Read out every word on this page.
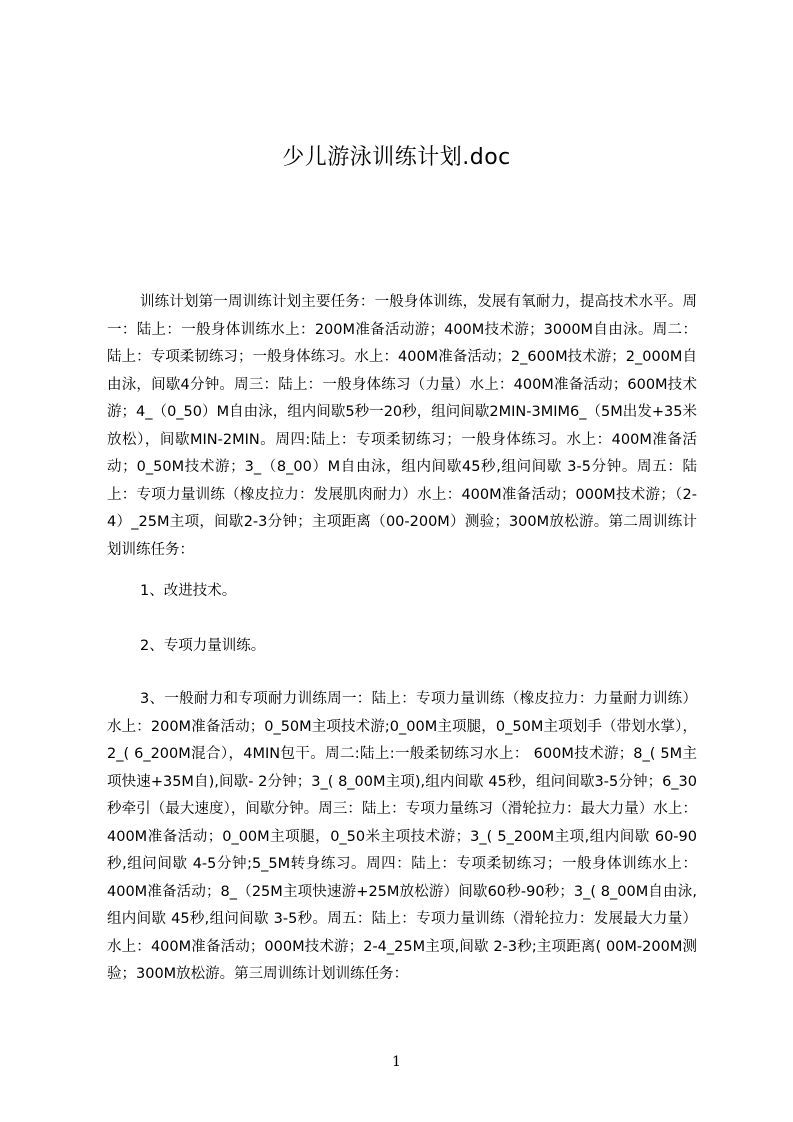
少儿游泳训练计划.doc

训练计划第一周训练计划主要任务：一般身体训练，发展有氧耐力，提高技术水平。周一：陆上：一般身体训练水上：200M准备活动游；400M技术游；3000M自由泳。周二：陆上：专项柔韧练习；一般身体练习。水上：400M准备活动；2_600M技术游；2_000M自由泳，间歇4分钟。周三：陆上：一般身体练习（力量）水上：400M准备活动；600M技术游；4_（0_50）M自由泳，组内间歇5秒一20秒，组问间歇2MIN-3MIM6_（5M出发+35米放松），间歇MIN-2MIN。周四:陆上：专项柔韧练习；一般身体练习。水上：400M准备活动；0_50M技术游；3_（8_00）M自由泳，组内间歇45秒,组问间歇 3-5分钟。周五：陆上：专项力量训练（橡皮拉力：发展肌肉耐力）水上：400M准备活动；000M技术游；（2-4）_25M主项，间歇2-3分钟；主项距离（00-200M）测验；300M放松游。第二周训练计划训练任务：

1、改进技术。

2、专项力量训练。

3、一般耐力和专项耐力训练周一：陆上：专项力量训练（橡皮拉力：力量耐力训练）水上：200M准备活动；0_50M主项技术游;0_00M主项腿，0_50M主项划手（带划水掌），2_( 6_200M混合），4MIN包干。周二:陆上:一般柔韧练习水上： 600M技术游；8_( 5M主项快速+35M自),间歇- 2分钟；3_( 8_00M主项),组内间歇 45秒，组问间歇3-5分钟；6_30秒牵引（最大速度），间歇分钟。周三：陆上：专项力量练习（滑轮拉力：最大力量）水上：400M准备活动；0_00M主项腿，0_50米主项技术游；3_( 5_200M主项,组内间歇 60-90秒,组问间歇 4-5分钟;5_5M转身练习。周四：陆上：专项柔韧练习；一般身体训练水上：400M准备活动；8_（25M主项快速游+25M放松游）间歇60秒-90秒；3_( 8_00M自由泳,组内间歇 45秒,组问间歇 3-5秒。周五：陆上：专项力量训练（滑轮拉力：发展最大力量）水上：400M准备活动；000M技术游；2-4_25M主项,间歇 2-3秒;主项距离( 00M-200M测验；300M放松游。第三周训练计划训练任务：

1
